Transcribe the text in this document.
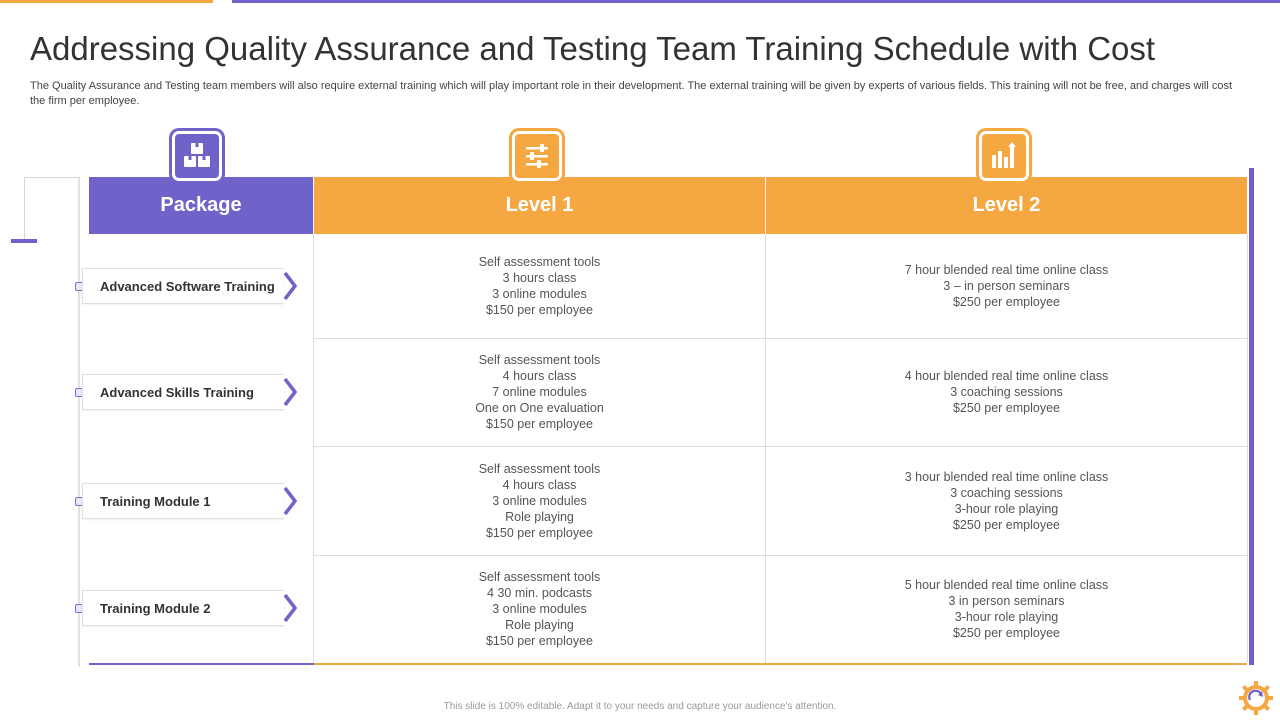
Addressing Quality Assurance and Testing Team Training Schedule with Cost

The Quality Assurance and Testing team members will also require external training which will play important role in their development. The external training will be given by experts of various fields. This training will not be free, and charges will cost the firm per employee.

Package	Level 1	Level 2
Advanced Software Training
Self assessment tools
3 hours class
3 online modules
$150 per employee
7 hour blended real time online class
3 – in person seminars
$250 per employee
Advanced Skills Training
Self assessment tools
4 hours class
7 online modules
One on One evaluation
$150 per employee
4 hour blended real time online class
3 coaching sessions
$250 per employee
Training Module 1
Self assessment tools
4 hours class
3 online modules
Role playing
$150 per employee
3 hour blended real time online class
3 coaching sessions
3-hour role playing
$250 per employee
Training Module 2
Self assessment tools
4 30 min. podcasts
3 online modules
Role playing
$150 per employee
5 hour blended real time online class
3 in person seminars
3-hour role playing
$250 per employee
This slide is 100% editable. Adapt it to your needs and capture your audience's attention.
